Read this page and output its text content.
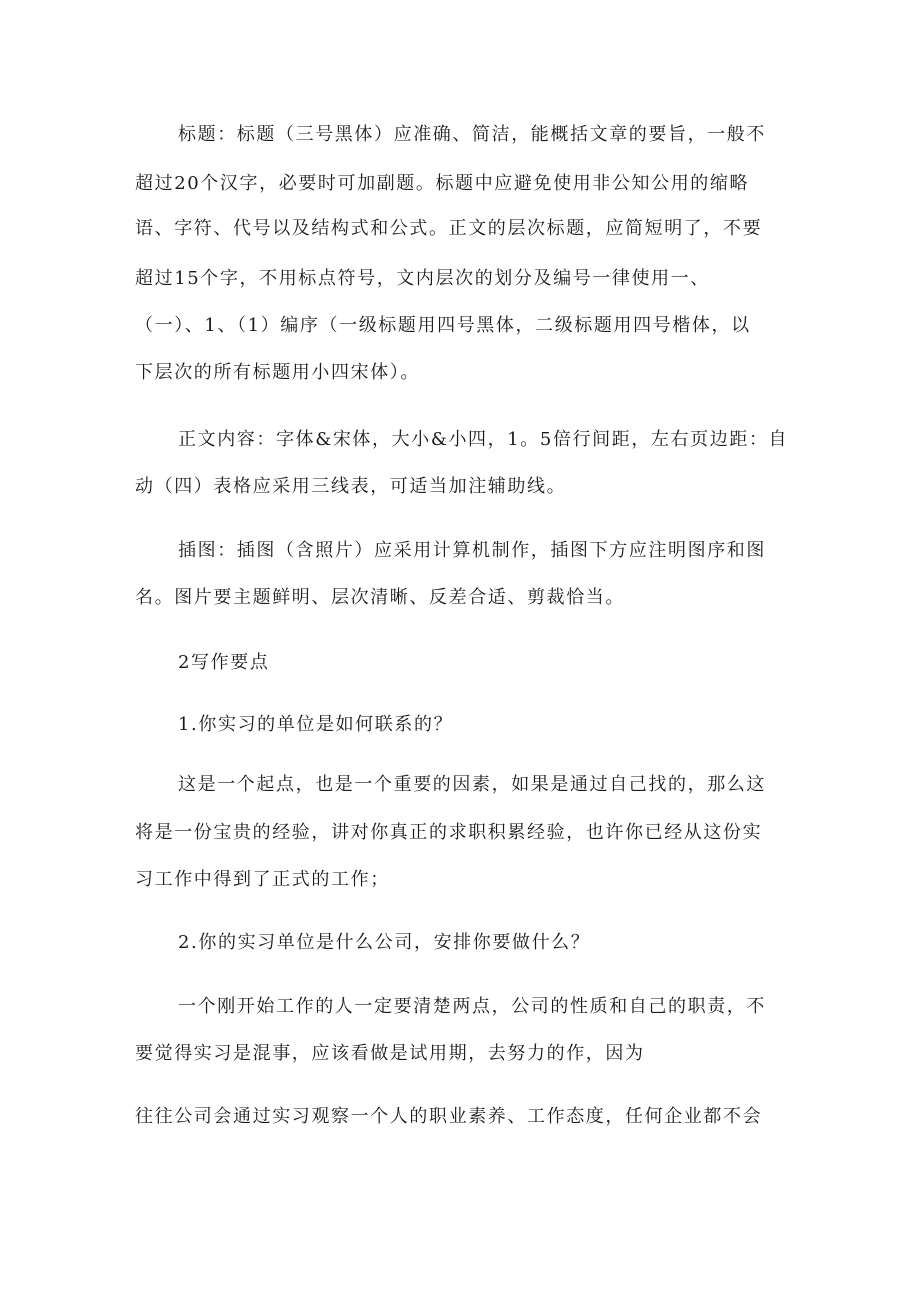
标题：标题（三号黑体）应准确、简洁，能概括文章的要旨，一般不
超过20个汉字，必要时可加副题。标题中应避免使用非公知公用的缩略
语、字符、代号以及结构式和公式。正文的层次标题，应简短明了，不要
超过15个字，不用标点符号，文内层次的划分及编号一律使用一、
（一）、1、（1）编序（一级标题用四号黑体，二级标题用四号楷体，以
下层次的所有标题用小四宋体）。
正文内容：字体&宋体，大小&小四，1。5倍行间距，左右页边距：自
动（四）表格应采用三线表，可适当加注辅助线。
插图：插图（含照片）应采用计算机制作，插图下方应注明图序和图
名。图片要主题鲜明、层次清晰、反差合适、剪裁恰当。
2写作要点
1.你实习的单位是如何联系的？
这是一个起点，也是一个重要的因素，如果是通过自己找的，那么这
将是一份宝贵的经验，讲对你真正的求职积累经验，也许你已经从这份实
习工作中得到了正式的工作；
2.你的实习单位是什么公司，安排你要做什么？
一个刚开始工作的人一定要清楚两点，公司的性质和自己的职责，不
要觉得实习是混事，应该看做是试用期，去努力的作，因为
往往公司会通过实习观察一个人的职业素养、工作态度，任何企业都不会
